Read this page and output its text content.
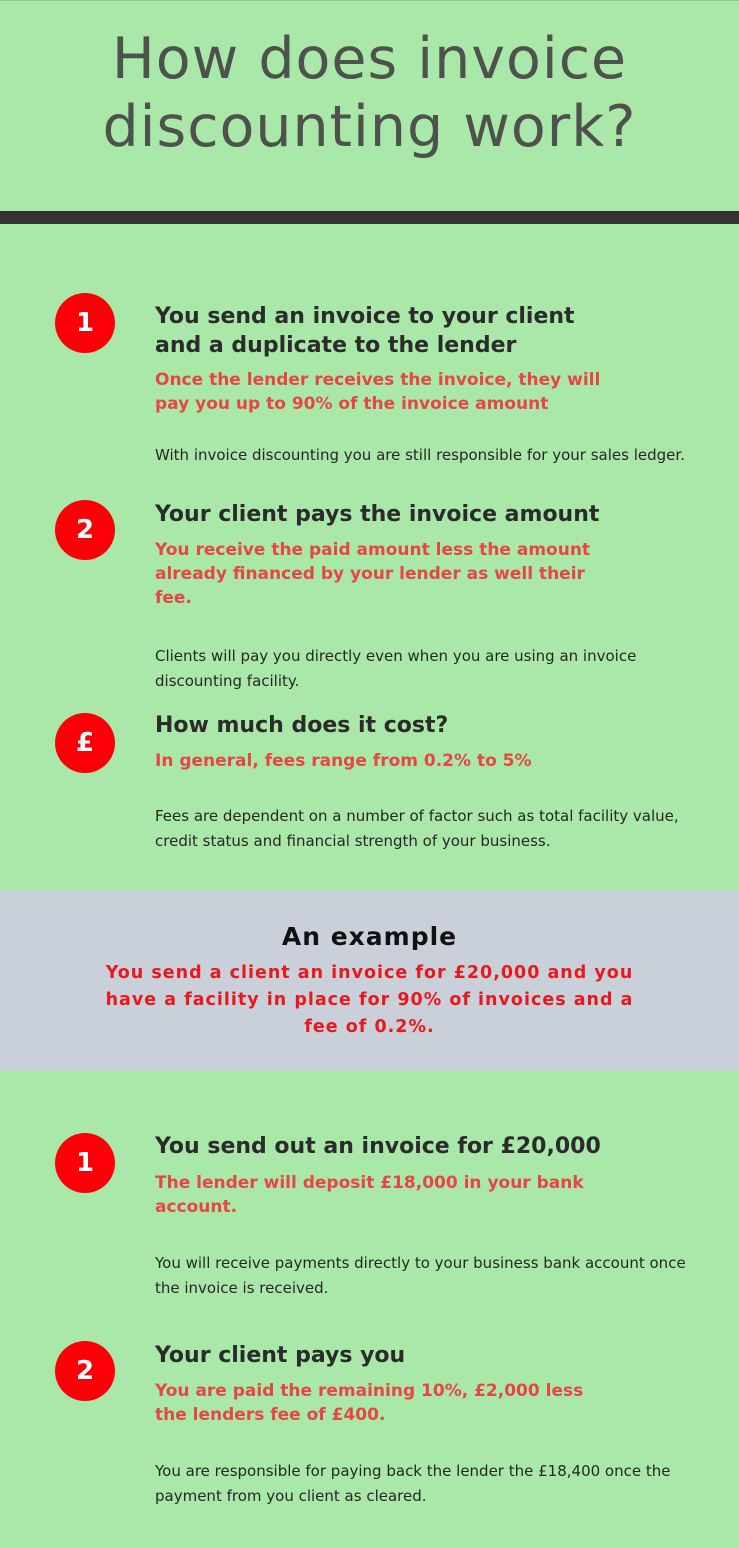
How does invoice
discounting work?
1	You send an invoice to your client and a duplicate to the lender

Once the lender receives the invoice, they will pay you up to 90% of the invoice amount

With invoice discounting you are still responsible for your sales ledger.

2

Your client pays the invoice amount

You receive the paid amount less the amount already financed by your lender as well their fee.

Clients will pay you directly even when you are using an invoice discounting facility.

£

How much does it cost?

In general, fees range from 0.2% to 5%

Fees are dependent on a number of factor such as total facility value, credit status and financial strength of your business.

An example

You send a client an invoice for £20,000 and you have a facility in place for 90% of invoices and a fee of 0.2%.

1

You send out an invoice for £20,000

The lender will deposit £18,000 in your bank account.

You will receive payments directly to your business bank account once the invoice is received.

2

Your client pays you

You are paid the remaining 10%, £2,000 less the lenders fee of £400.

You are responsible for paying back the lender the £18,400 once the payment from you client as cleared.
